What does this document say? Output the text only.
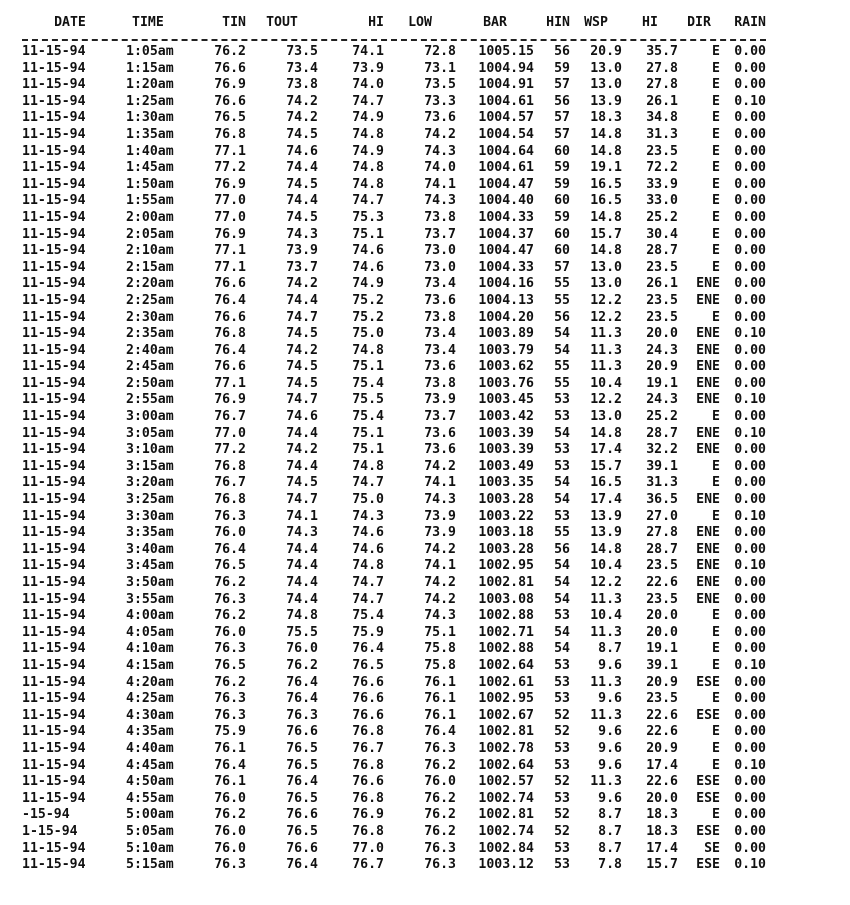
DATE	TIME	TIN	TOUT	HI	LOW	BAR	HIN	WSP	HI	DIR	RAIN

11-15-94	1:05am	76.2	73.5	74.1	72.8	1005.15	56	20.9	35.7	E	0.00
11-15-94	1:15am	76.6	73.4	73.9	73.1	1004.94	59	13.0	27.8	E	0.00
11-15-94	1:20am	76.9	73.8	74.0	73.5	1004.91	57	13.0	27.8	E	0.00
11-15-94	1:25am	76.6	74.2	74.7	73.3	1004.61	56	13.9	26.1	E	0.10
11-15-94	1:30am	76.5	74.2	74.9	73.6	1004.57	57	18.3	34.8	E	0.00
11-15-94	1:35am	76.8	74.5	74.8	74.2	1004.54	57	14.8	31.3	E	0.00
11-15-94	1:40am	77.1	74.6	74.9	74.3	1004.64	60	14.8	23.5	E	0.00
11-15-94	1:45am	77.2	74.4	74.8	74.0	1004.61	59	19.1	72.2	E	0.00
11-15-94	1:50am	76.9	74.5	74.8	74.1	1004.47	59	16.5	33.9	E	0.00
11-15-94	1:55am	77.0	74.4	74.7	74.3	1004.40	60	16.5	33.0	E	0.00
11-15-94	2:00am	77.0	74.5	75.3	73.8	1004.33	59	14.8	25.2	E	0.00
11-15-94	2:05am	76.9	74.3	75.1	73.7	1004.37	60	15.7	30.4	E	0.00
11-15-94	2:10am	77.1	73.9	74.6	73.0	1004.47	60	14.8	28.7	E	0.00
11-15-94	2:15am	77.1	73.7	74.6	73.0	1004.33	57	13.0	23.5	E	0.00
11-15-94	2:20am	76.6	74.2	74.9	73.4	1004.16	55	13.0	26.1	ENE	0.00
11-15-94	2:25am	76.4	74.4	75.2	73.6	1004.13	55	12.2	23.5	ENE	0.00
11-15-94	2:30am	76.6	74.7	75.2	73.8	1004.20	56	12.2	23.5	E	0.00
11-15-94	2:35am	76.8	74.5	75.0	73.4	1003.89	54	11.3	20.0	ENE	0.10
11-15-94	2:40am	76.4	74.2	74.8	73.4	1003.79	54	11.3	24.3	ENE	0.00
11-15-94	2:45am	76.6	74.5	75.1	73.6	1003.62	55	11.3	20.9	ENE	0.00
11-15-94	2:50am	77.1	74.5	75.4	73.8	1003.76	55	10.4	19.1	ENE	0.00
11-15-94	2:55am	76.9	74.7	75.5	73.9	1003.45	53	12.2	24.3	ENE	0.10
11-15-94	3:00am	76.7	74.6	75.4	73.7	1003.42	53	13.0	25.2	E	0.00
11-15-94	3:05am	77.0	74.4	75.1	73.6	1003.39	54	14.8	28.7	ENE	0.10
11-15-94	3:10am	77.2	74.2	75.1	73.6	1003.39	53	17.4	32.2	ENE	0.00
11-15-94	3:15am	76.8	74.4	74.8	74.2	1003.49	53	15.7	39.1	E	0.00
11-15-94	3:20am	76.7	74.5	74.7	74.1	1003.35	54	16.5	31.3	E	0.00
11-15-94	3:25am	76.8	74.7	75.0	74.3	1003.28	54	17.4	36.5	ENE	0.00
11-15-94	3:30am	76.3	74.1	74.3	73.9	1003.22	53	13.9	27.0	E	0.10
11-15-94	3:35am	76.0	74.3	74.6	73.9	1003.18	55	13.9	27.8	ENE	0.00
11-15-94	3:40am	76.4	74.4	74.6	74.2	1003.28	56	14.8	28.7	ENE	0.00
11-15-94	3:45am	76.5	74.4	74.8	74.1	1002.95	54	10.4	23.5	ENE	0.10
11-15-94	3:50am	76.2	74.4	74.7	74.2	1002.81	54	12.2	22.6	ENE	0.00
11-15-94	3:55am	76.3	74.4	74.7	74.2	1003.08	54	11.3	23.5	ENE	0.00
11-15-94	4:00am	76.2	74.8	75.4	74.3	1002.88	53	10.4	20.0	E	0.00
11-15-94	4:05am	76.0	75.5	75.9	75.1	1002.71	54	11.3	20.0	E	0.00
11-15-94	4:10am	76.3	76.0	76.4	75.8	1002.88	54	8.7	19.1	E	0.00
11-15-94	4:15am	76.5	76.2	76.5	75.8	1002.64	53	9.6	39.1	E	0.10
11-15-94	4:20am	76.2	76.4	76.6	76.1	1002.61	53	11.3	20.9	ESE	0.00
11-15-94	4:25am	76.3	76.4	76.6	76.1	1002.95	53	9.6	23.5	E	0.00
11-15-94	4:30am	76.3	76.3	76.6	76.1	1002.67	52	11.3	22.6	ESE	0.00
11-15-94	4:35am	75.9	76.6	76.8	76.4	1002.81	52	9.6	22.6	E	0.00
11-15-94	4:40am	76.1	76.5	76.7	76.3	1002.78	53	9.6	20.9	E	0.00
11-15-94	4:45am	76.4	76.5	76.8	76.2	1002.64	53	9.6	17.4	E	0.10
11-15-94	4:50am	76.1	76.4	76.6	76.0	1002.57	52	11.3	22.6	ESE	0.00
11-15-94	4:55am	76.0	76.5	76.8	76.2	1002.74	53	9.6	20.0	ESE	0.00
-15-94	5:00am	76.2	76.6	76.9	76.2	1002.81	52	8.7	18.3	E	0.00
1-15-94	5:05am	76.0	76.5	76.8	76.2	1002.74	52	8.7	18.3	ESE	0.00
11-15-94	5:10am	76.0	76.6	77.0	76.3	1002.84	53	8.7	17.4	SE	0.00
11-15-94	5:15am	76.3	76.4	76.7	76.3	1003.12	53	7.8	15.7	ESE	0.10
